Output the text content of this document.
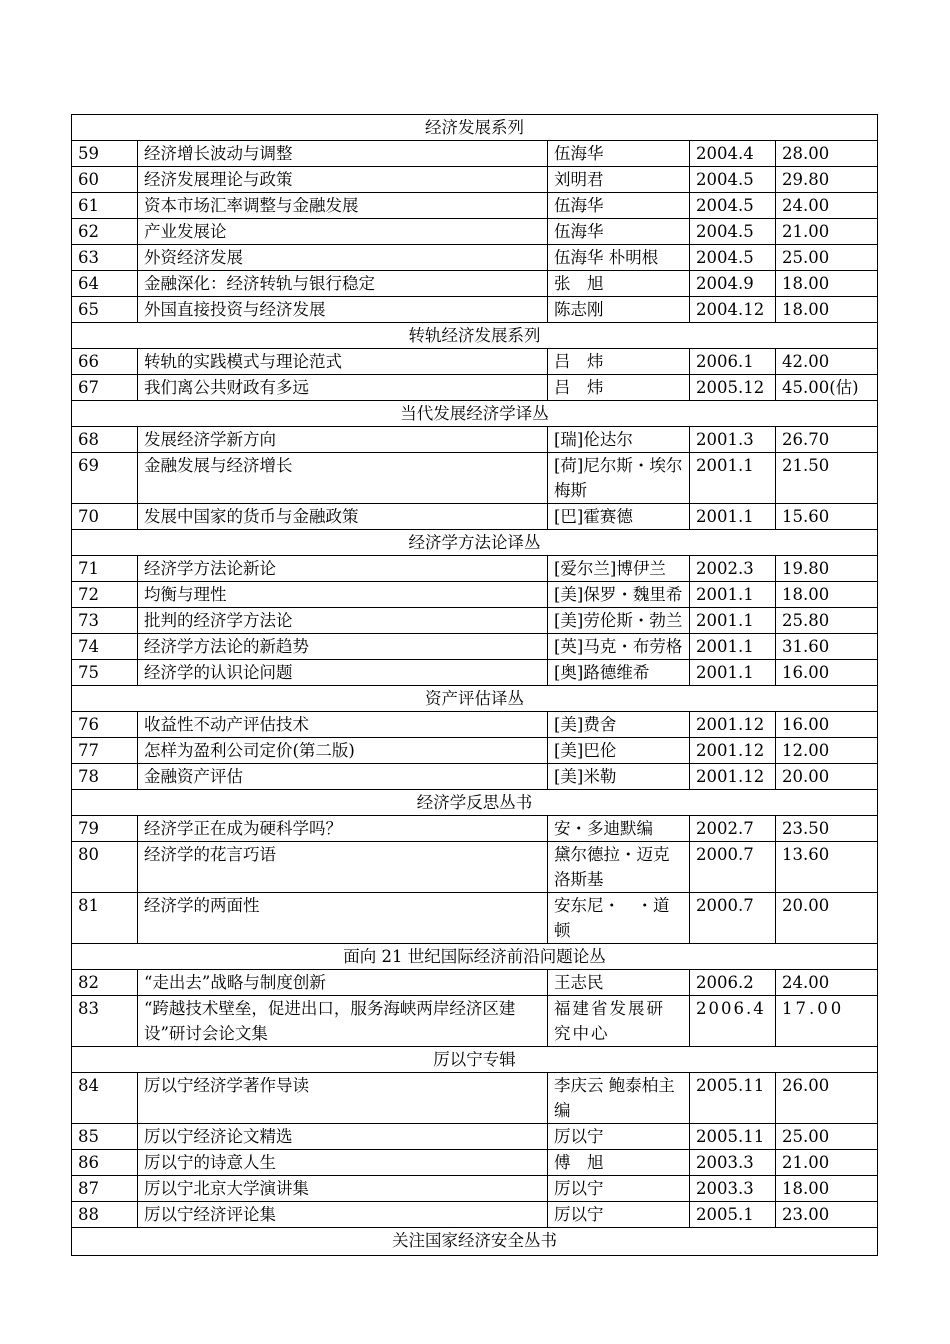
经济发展系列				
59	经济增长波动与调整	伍海华	2004.4	28.00
60	经济发展理论与政策	刘明君	2004.5	29.80
61	资本市场汇率调整与金融发展	伍海华	2004.5	24.00
62	产业发展论	伍海华	2004.5	21.00
63	外资经济发展	伍海华 朴明根	2004.5	25.00
64	金融深化：经济转轨与银行稳定	张　旭	2004.9	18.00
65	外国直接投资与经济发展	陈志刚	2004.12	18.00
转轨经济发展系列				
66	转轨的实践模式与理论范式	吕　炜	2006.1	42.00
67	我们离公共财政有多远	吕　炜	2005.12	45.00(估)
当代发展经济学译丛				
68	发展经济学新方向	[瑞]伦达尔	2001.3	26.70
69	金融发展与经济增长	[荷]尼尔斯・埃尔梅斯	2001.1	21.50
70	发展中国家的货币与金融政策	[巴]霍赛德	2001.1	15.60
经济学方法论译丛				
71	经济学方法论新论	[爱尔兰]博伊兰	2002.3	19.80
72	均衡与理性	[美]保罗・魏里希	2001.1	18.00
73	批判的经济学方法论	[美]劳伦斯・勃兰	2001.1	25.80
74	经济学方法论的新趋势	[英]马克・布劳格	2001.1	31.60
75	经济学的认识论问题	[奥]路德维希	2001.1	16.00
资产评估译丛				
76	收益性不动产评估技术	[美]费舍	2001.12	16.00
77	怎样为盈利公司定价(第二版)	[美]巴伦	2001.12	12.00
78	金融资产评估	[美]米勒	2001.12	20.00
经济学反思丛书				
79	经济学正在成为硬科学吗？	安・多迪默编	2002.7	23.50
80	经济学的花言巧语	黛尔德拉・迈克洛斯基	2000.7	13.60
81	经济学的两面性	安东尼・　・道顿	2000.7	20.00
面向 21 世纪国际经济前沿问题论丛				
82	“走出去”战略与制度创新	王志民	2006.2	24.00
83	“跨越技术壁垒，促进出口，服务海峡两岸经济区建设”研讨会论文集	福建省发展研究中心	2006.4	17.00
厉以宁专辑				
84	厉以宁经济学著作导读	李庆云 鲍泰柏主编	2005.11	26.00
85	厉以宁经济论文精选	厉以宁	2005.11	25.00
86	厉以宁的诗意人生	傅　旭	2003.3	21.00
87	厉以宁北京大学演讲集	厉以宁	2003.3	18.00
88	厉以宁经济评论集	厉以宁	2005.1	23.00
关注国家经济安全丛书				
